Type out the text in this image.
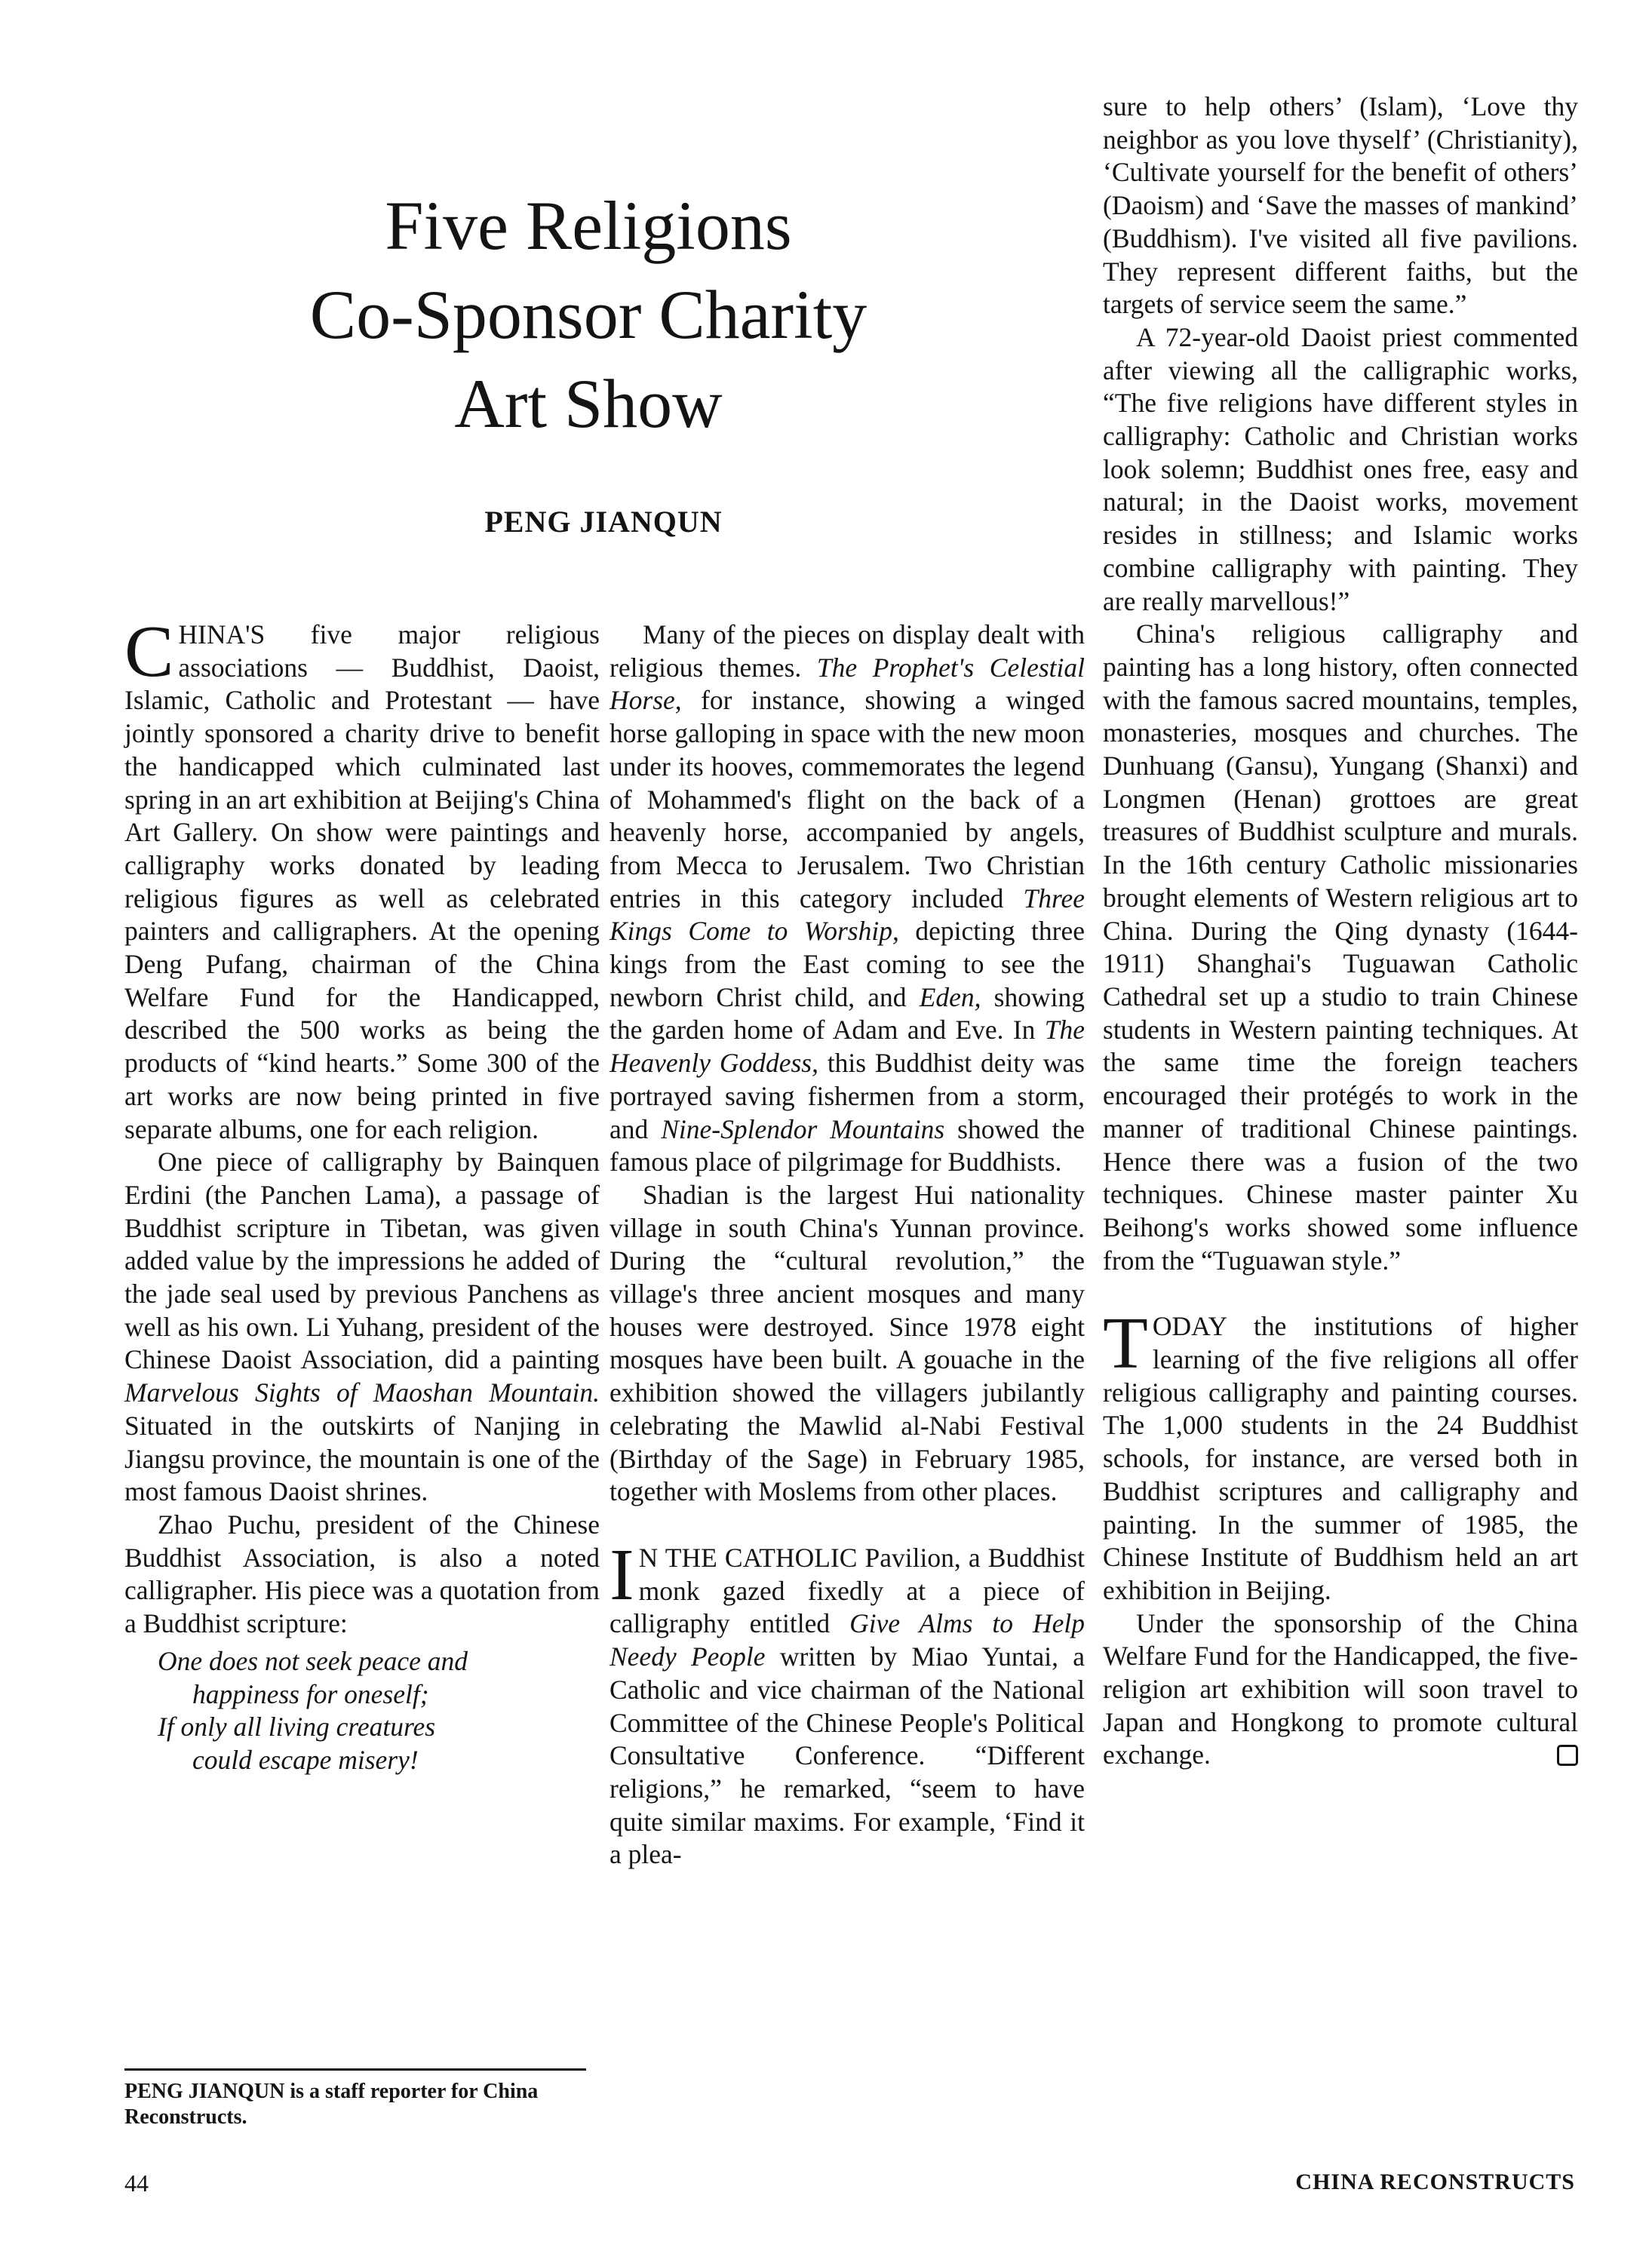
Five Religions
Co-Sponsor Charity
Art Show
PENG JIANQUN

CHINA'S five major religious associations — Buddhist, Daoist, Islamic, Catholic and Protestant — have jointly sponsored a charity drive to benefit the handicapped which culminated last spring in an art exhibition at Beijing's China Art Gallery. On show were paintings and calligraphy works donated by leading religious figures as well as celebrated painters and calligraphers. At the opening Deng Pufang, chairman of the China Welfare Fund for the Handicapped, described the 500 works as being the products of “kind hearts.” Some 300 of the art works are now being printed in five separate albums, one for each religion.

One piece of calligraphy by Bainquen Erdini (the Panchen Lama), a passage of Buddhist scripture in Tibetan, was given added value by the impressions he added of the jade seal used by previous Panchens as well as his own. Li Yuhang, president of the Chinese Daoist Association, did a painting Marvelous Sights of Maoshan Mountain. Situated in the outskirts of Nanjing in Jiangsu province, the mountain is one of the most famous Daoist shrines.

Zhao Puchu, president of the Chinese Buddhist Association, is also a noted calligrapher. His piece was a quotation from a Buddhist scripture:

One does not seek peace and
happiness for oneself;
If only all living creatures
could escape misery!
PENG JIANQUN is a staff reporter for China Reconstructs.

Many of the pieces on display dealt with religious themes. The Prophet's Celestial Horse, for instance, showing a winged horse galloping in space with the new moon under its hooves, commemorates the legend of Mohammed's flight on the back of a heavenly horse, accompanied by angels, from Mecca to Jerusalem. Two Christian entries in this category included Three Kings Come to Worship, depicting three kings from the East coming to see the newborn Christ child, and Eden, showing the garden home of Adam and Eve. In The Heavenly Goddess, this Buddhist deity was portrayed saving fishermen from a storm, and Nine-Splendor Mountains showed the famous place of pilgrimage for Buddhists.

Shadian is the largest Hui nationality village in south China's Yunnan province. During the “cultural revolution,” the village's three ancient mosques and many houses were destroyed. Since 1978 eight mosques have been built. A gouache in the exhibition showed the villagers jubilantly celebrating the Mawlid al-Nabi Festival (Birthday of the Sage) in February 1985, together with Moslems from other places.

I N THE CATHOLIC Pavilion, a Buddhist monk gazed fixedly at a piece of calligraphy entitled Give Alms to Help Needy People written by Miao Yuntai, a Catholic and vice chairman of the National Committee of the Chinese People's Political Consultative Conference. “Different religions,” he remarked, “seem to have quite similar maxims. For example, ‘Find it a plea-

sure to help others’ (Islam), ‘Love thy neighbor as you love thyself’ (Christianity), ‘Cultivate yourself for the benefit of others’ (Daoism) and ‘Save the masses of mankind’ (Buddhism). I've visited all five pavilions. They represent different faiths, but the targets of service seem the same.”

A 72-year-old Daoist priest commented after viewing all the calligraphic works, “The five religions have different styles in calligraphy: Catholic and Christian works look solemn; Buddhist ones free, easy and natural; in the Daoist works, movement resides in stillness; and Islamic works combine calligraphy with painting. They are really marvellous!”

China's religious calligraphy and painting has a long history, often connected with the famous sacred mountains, temples, monasteries, mosques and churches. The Dunhuang (Gansu), Yungang (Shanxi) and Longmen (Henan) grottoes are great treasures of Buddhist sculpture and murals. In the 16th century Catholic missionaries brought elements of Western religious art to China. During the Qing dynasty (1644-1911) Shanghai's Tuguawan Catholic Cathedral set up a studio to train Chinese students in Western painting techniques. At the same time the foreign teachers encouraged their protégés to work in the manner of traditional Chinese paintings. Hence there was a fusion of the two techniques. Chinese master painter Xu Beihong's works showed some influence from the “Tuguawan style.”

TODAY the institutions of higher learning of the five religions all offer religious calligraphy and painting courses. The 1,000 students in the 24 Buddhist schools, for instance, are versed both in Buddhist scriptures and calligraphy and painting. In the summer of 1985, the Chinese Institute of Buddhism held an art exhibition in Beijing.

Under the sponsorship of the China Welfare Fund for the Handicapped, the five-religion art exhibition will soon travel to Japan and Hongkong to promote cultural exchange.

44	CHINA RECONSTRUCTS
